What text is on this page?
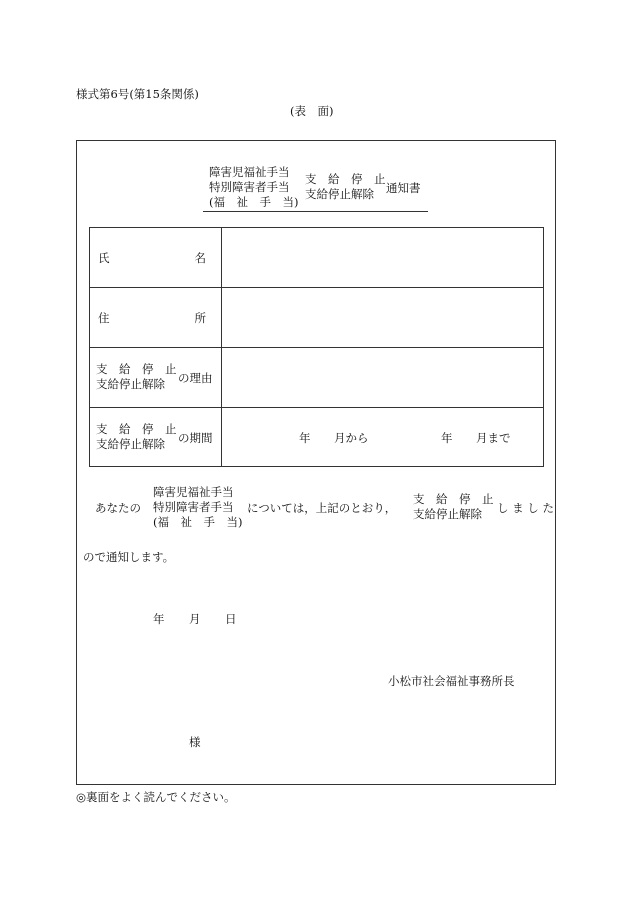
様式第6号(第15条関係)
(表　面)
障害児福祉手当
特別障害者手当
(福　祉　手　当)
支　給　停　止
支給停止解除	通知書
氏 名	

住 所	

支　給　停　止
支給停止解除 の理由	

支　給　停　止
支給停止解除 の期間	年 月から 年 月まで
あなたの
障害児福祉手当
特別障害者手当
(福　祉　手　当)
については，上記のとおり，
支　給　停　止
支給停止解除	し ま し た
ので通知します。
年 月 日
小松市社会福祉事務所長
様
◎裏面をよく読んでください。
